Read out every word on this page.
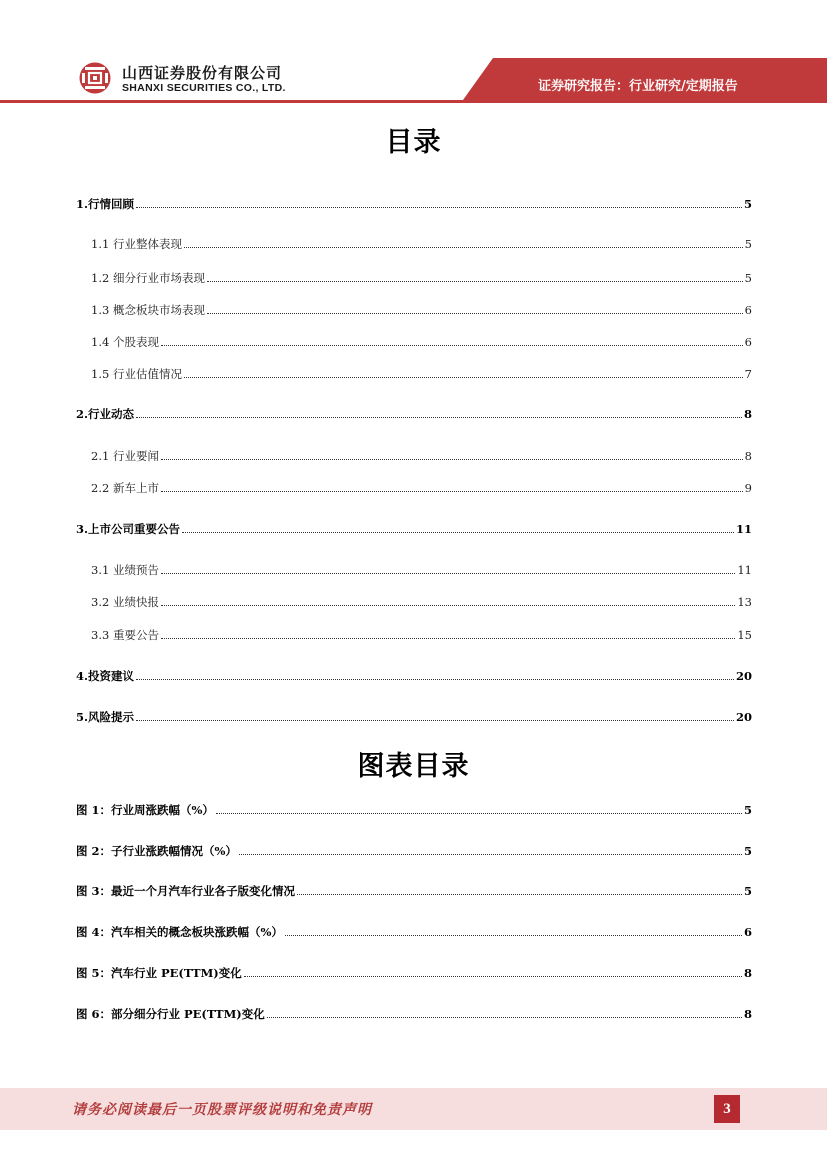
山西证券股份有限公司
SHANXI SECURITIES CO., LTD.	证券研究报告：行业研究/定期报告
目录
1.行情回顾	5
1.1 行业整体表现	5
1.2 细分行业市场表现	5
1.3 概念板块市场表现	6
1.4 个股表现	6
1.5 行业估值情况	7
2.行业动态	8
2.1 行业要闻	8
2.2 新车上市	9
3.上市公司重要公告	11
3.1 业绩预告	11
3.2 业绩快报	13
3.3 重要公告	15
4.投资建议	20
5.风险提示	20
图表目录
图 1：行业周涨跌幅（%）	5
图 2：子行业涨跌幅情况（%）	5
图 3：最近一个月汽车行业各子版变化情况	5
图 4：汽车相关的概念板块涨跌幅（%）	6
图 5：汽车行业 PE(TTM)变化	8
图 6：部分细分行业 PE(TTM)变化	8
请务必阅读最后一页股票评级说明和免责声明	3
